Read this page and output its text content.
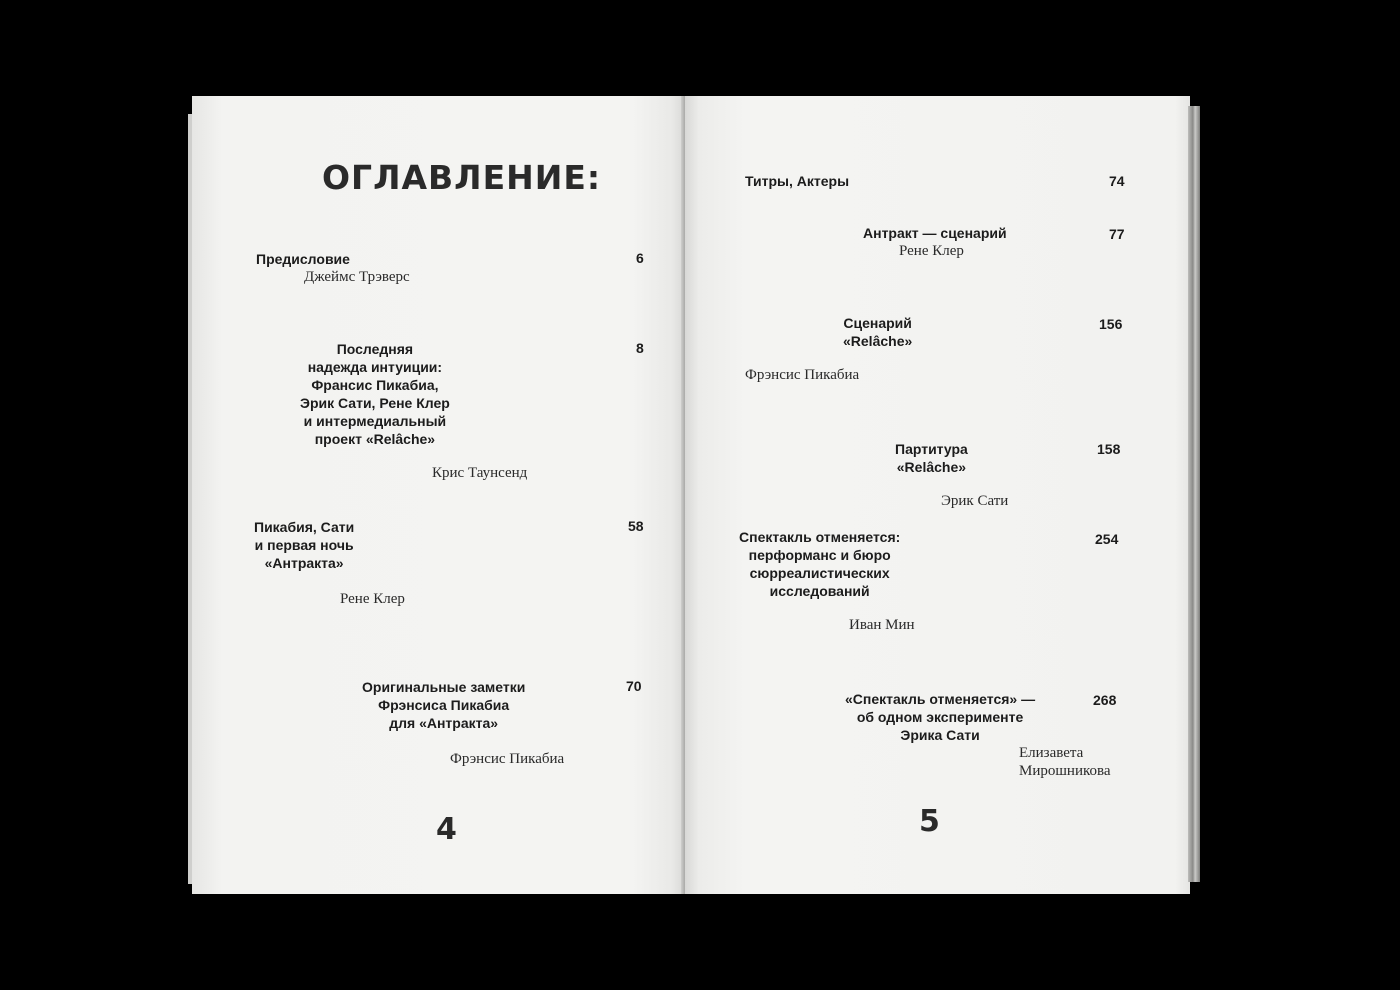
ОГЛАВЛЕНИЕ:
Предисловие	6
Джеймс Трэверс
Последняя
надежда интуиции:
Франсис Пикабиа,
Эрик Сати, Рене Клер
и интермедиальный
проект «Relâche»
8
Крис Таунсенд
Пикабия, Сати
и первая ночь
«Антракта»
58
Рене Клер
Оригинальные заметки
Фрэнсиса Пикабиа
для «Антракта»
70
Фрэнсис Пикабиа
4
Титры, Актеры	74
Антракт — сценарий	77
Рене Клер
Сценарий
«Relâche»
156
Фрэнсис Пикабиа
Партитура
«Relâche»
158
Эрик Сати
Спектакль отменяется:
перформанс и бюро
сюрреалистических
исследований
254
Иван Мин
«Спектакль отменяется» —
об одном эксперименте
Эрика Сати
268
Елизавета
Мирошникова
5
